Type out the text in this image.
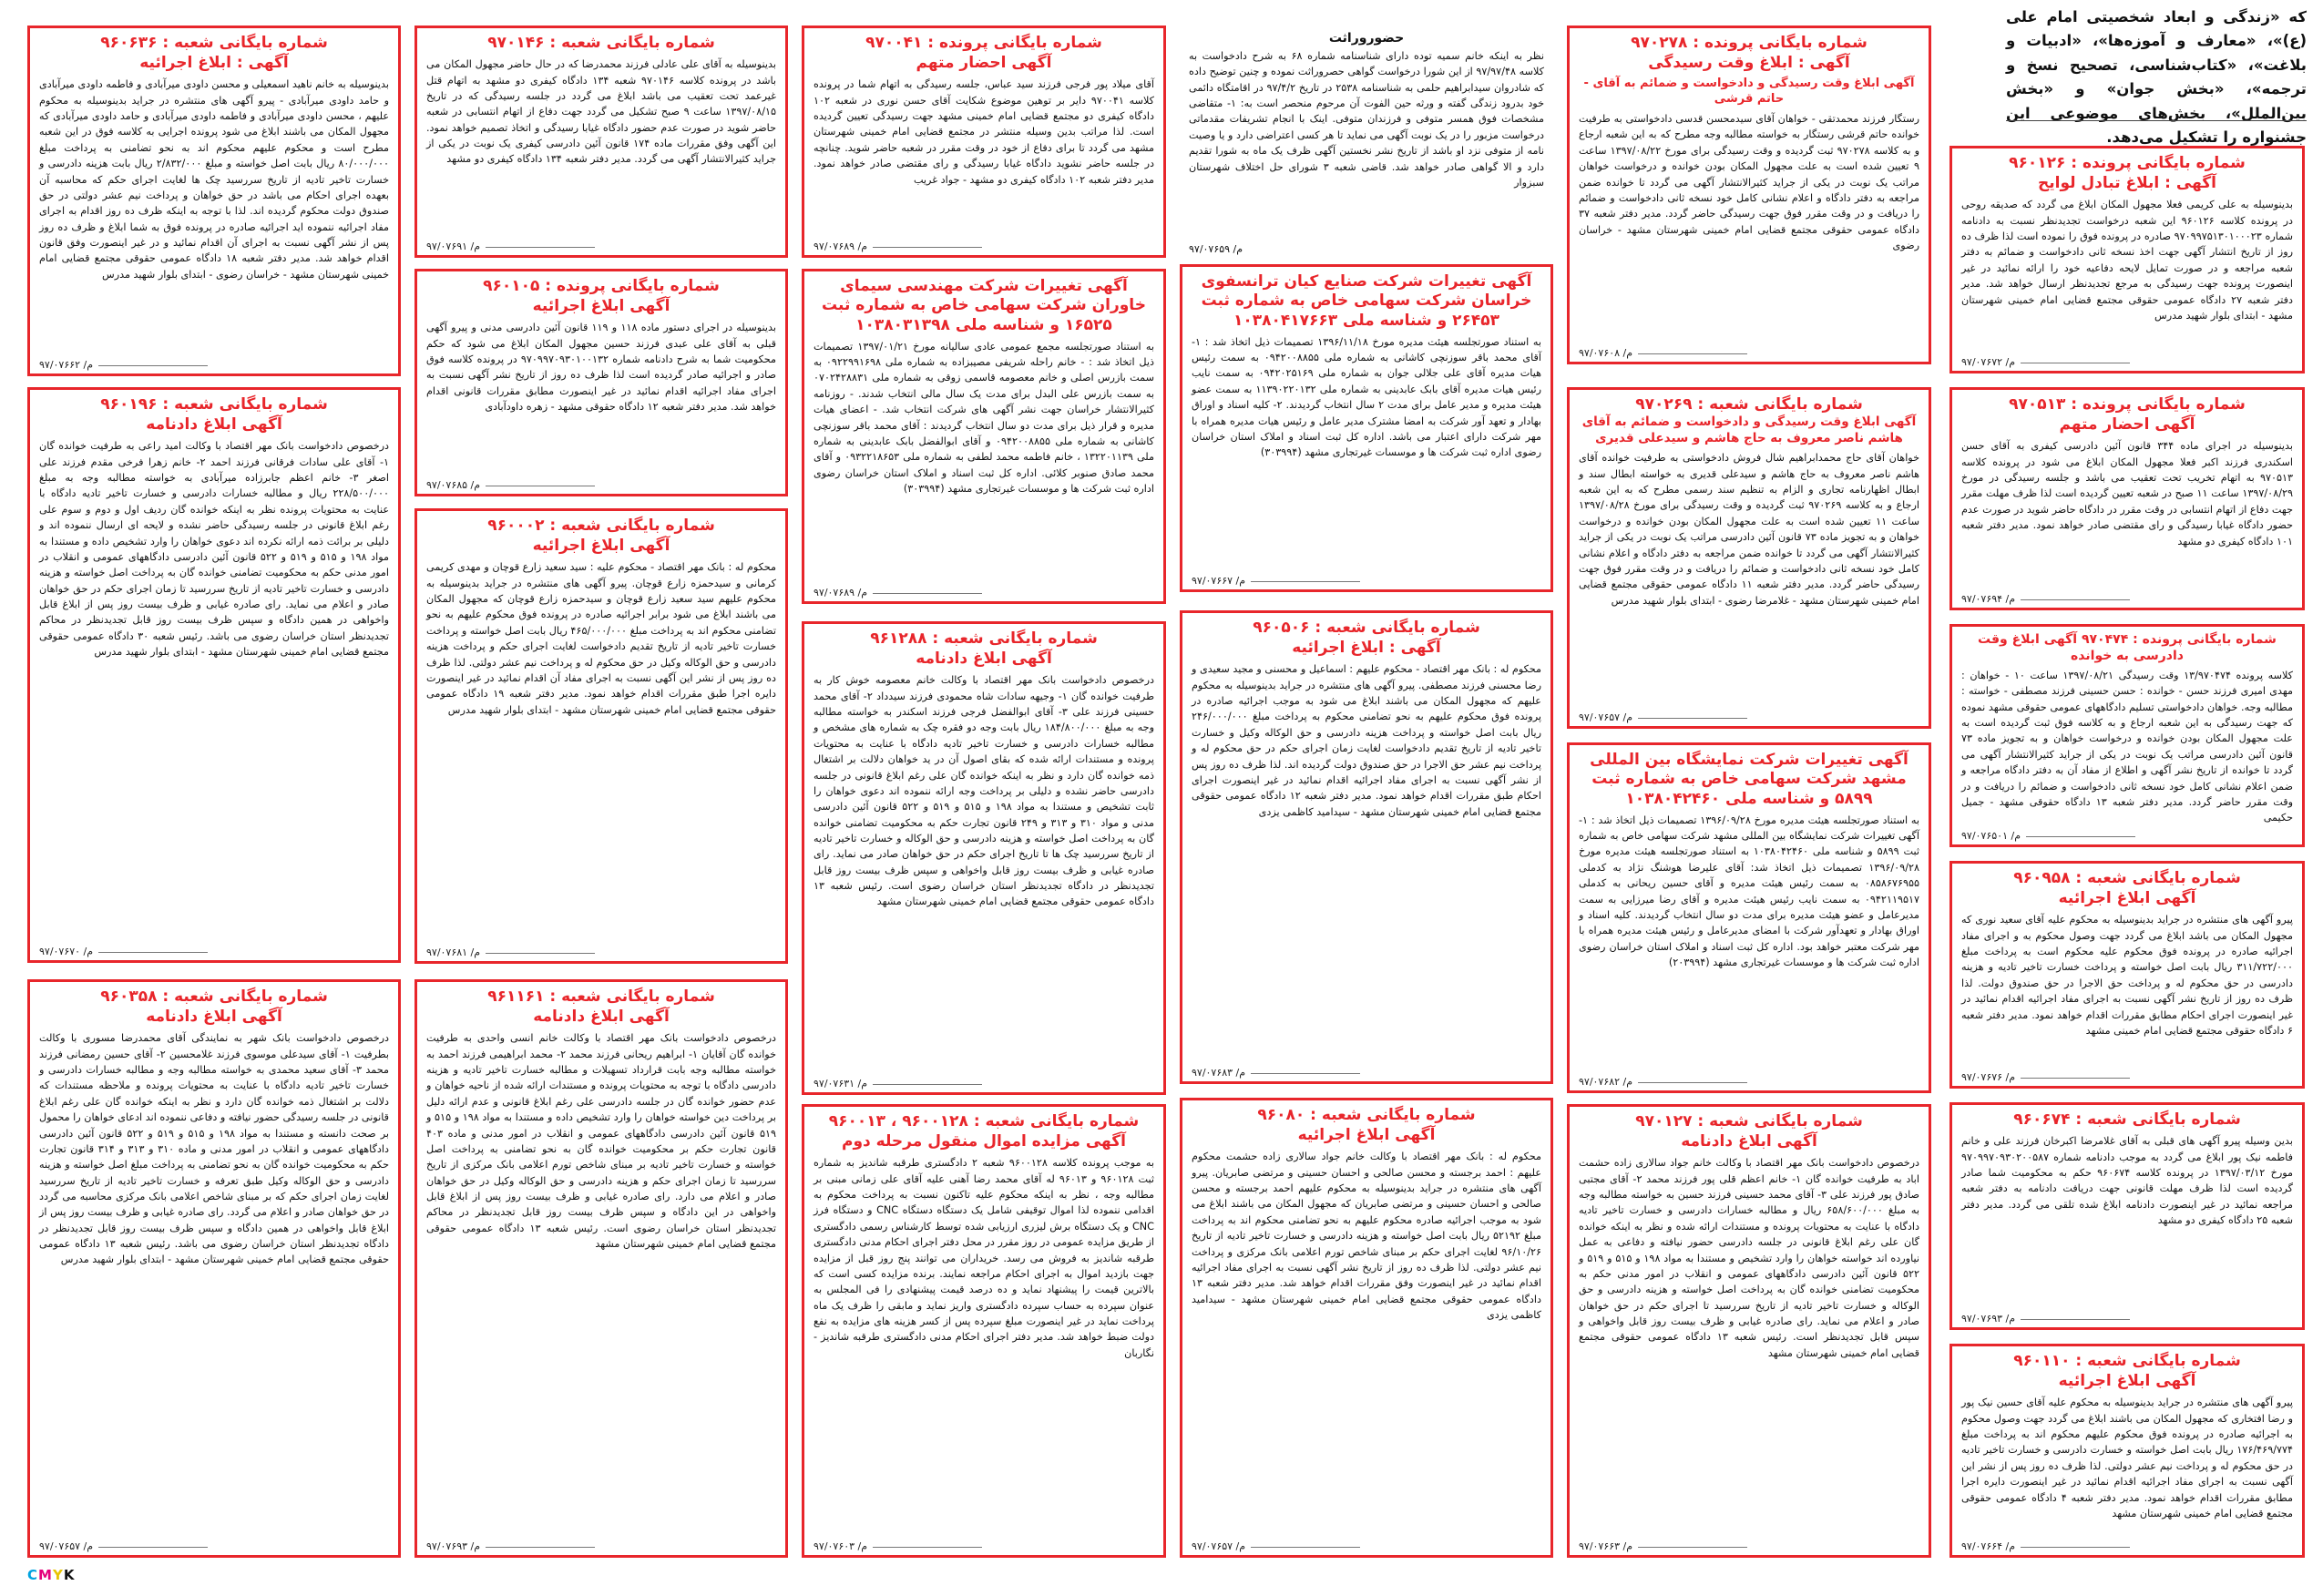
که «زندگی و ابعاد شخصیتی امام علی (ع)»، «معارف و آموزه‌ها»، «ادبیات و بلاغت»، «کتاب‌شناسی، تصحیح نسخ و ترجمه»، «بخش جوان» و «بخش بین‌الملل»، بخش‌های موضوعی این جشنواره را تشکیل می‌دهد.
شماره بایگانی شعبه : ۹۶۰۶۳۶
آگهی : ابلاغ اجرائیه
بدینوسیله به خانم ناهید اسمعیلی و محسن داودی میرآبادی و فاطمه داودی میرآبادی و حامد داودی میرآبادی - پیرو آگهی های منتشره در جراید بدینوسیله به محکوم علیهم ، محسن داودی میرآبادی و فاطمه داودی میرآبادی و حامد داودی میرآبادی که مجهول المکان می باشند ابلاغ می شود پرونده اجرایی به کلاسه فوق در این شعبه مطرح است و محکوم علیهم محکوم اند به نحو تضامنی به پرداخت مبلغ ۸۰/۰۰۰/۰۰۰ ریال بابت اصل خواسته و مبلغ ۲/۸۳۲/۰۰۰ ریال بابت هزینه دادرسی و خسارت تاخیر تادیه از تاریخ سررسید چک ها لغایت اجرای حکم که محاسبه آن بعهده اجرای احکام می باشد در حق خواهان و پرداخت نیم عشر دولتی در حق صندوق دولت محکوم گردیده اند. لذا با توجه به اینکه ظرف ده روز اقدام به اجرای مفاد اجرائیه ننموده اید اجرائیه صادره در پرونده فوق به شما ابلاغ و ظرف ده روز پس از نشر آگهی نسبت به اجرای آن اقدام نمائید و در غیر اینصورت وفق قانون اقدام خواهد شد. مدیر دفتر شعبه ۱۸ دادگاه عمومی حقوقی مجتمع قضایی امام خمینی شهرستان مشهد - خراسان رضوی - ابتدای بلوار شهید مدرس
۹۷/۰۷۶۶۲ /م
شماره بایگانی شعبه : ۹۶۰۱۹۶
آگهی ابلاغ دادنامه
درخصوص دادخواست بانک مهر اقتصاد با وکالت امید راعی به طرفیت خوانده گان ۱- آقای علی سادات فرقانی فرزند احمد ۲- خانم زهرا فرخی مقدم فرزند علی اصغر ۳- خانم اعظم جابرزاده میرآبادی به خواسته مطالبه وجه به مبلغ ۲۲۸/۵۰۰/۰۰۰ ریال و مطالبه خسارات دادرسی و خسارت تاخیر تادیه دادگاه با عنایت به محتویات پرونده نظر به اینکه خوانده گان ردیف اول و دوم و سوم علی رغم ابلاغ قانونی در جلسه رسیدگی حاضر نشده و لایحه ای ارسال ننموده اند و دلیلی بر برائت ذمه ارائه نکرده اند دعوی خواهان را وارد تشخیص داده و مستندا به مواد ۱۹۸ و ۵۱۵ و ۵۱۹ و ۵۲۲ قانون آئین دادرسی دادگاههای عمومی و انقلاب در امور مدنی حکم به محکومیت تضامنی خوانده گان به پرداخت اصل خواسته و هزینه دادرسی و خسارت تاخیر تادیه از تاریخ سررسید تا زمان اجرای حکم در حق خواهان صادر و اعلام می نماید. رای صادره غیابی و ظرف بیست روز پس از ابلاغ قابل واخواهی در همین دادگاه و سپس ظرف بیست روز قابل تجدیدنظر در محاکم تجدیدنظر استان خراسان رضوی می باشد. رئیس شعبه ۳۰ دادگاه عمومی حقوقی مجتمع قضایی امام خمینی شهرستان مشهد - ابتدای بلوار شهید مدرس
۹۷/۰۷۶۷۰ /م
شماره بایگانی شعبه : ۹۶۰۳۵۸
آگهی ابلاغ دادنامه
درخصوص دادخواست بانک شهر به نمایندگی آقای محمدرضا مسوری با وکالت بطرفیت ۱- آقای سیدعلی موسوی فرزند غلامحسین ۲- آقای حسین رمضانی فرزند محمد ۳- آقای سعید محمدی به خواسته مطالبه وجه و مطالبه خسارات دادرسی و خسارت تاخیر تادیه دادگاه با عنایت به محتویات پرونده و ملاحظه مستندات که دلالت بر اشتغال ذمه خوانده گان دارد و نظر به اینکه خوانده گان علی رغم ابلاغ قانونی در جلسه رسیدگی حضور نیافته و دفاعی ننموده اند ادعای خواهان را محمول بر صحت دانسته و مستندا به مواد ۱۹۸ و ۵۱۵ و ۵۱۹ و ۵۲۲ قانون آئین دادرسی دادگاههای عمومی و انقلاب در امور مدنی و ماده ۳۱۰ و ۳۱۳ و ۳۱۴ قانون تجارت حکم به محکومیت خوانده گان به نحو تضامنی به پرداخت مبلغ اصل خواسته و هزینه دادرسی و حق الوکاله وکیل طبق تعرفه و خسارت تاخیر تادیه از تاریخ سررسید لغایت زمان اجرای حکم که بر مبنای شاخص اعلامی بانک مرکزی محاسبه می گردد در حق خواهان صادر و اعلام می گردد. رای صادره غیابی و ظرف بیست روز پس از ابلاغ قابل واخواهی در همین دادگاه و سپس ظرف بیست روز قابل تجدیدنظر در دادگاه تجدیدنظر استان خراسان رضوی می باشد. رئیس شعبه ۱۳ دادگاه عمومی حقوقی مجتمع قضایی امام خمینی شهرستان مشهد - ابتدای بلوار شهید مدرس
۹۷/۰۷۶۵۷ /م
شماره بایگانی شعبه : ۹۷۰۱۴۶
بدینوسیله به آقای علی عادلی فرزند محمدرضا که در حال حاضر مجهول المکان می باشد در پرونده کلاسه ۹۷۰۱۴۶ شعبه ۱۳۴ دادگاه کیفری دو مشهد به اتهام قتل غیرعمد تحت تعقیب می باشد ابلاغ می گردد در جلسه رسیدگی که در تاریخ ۱۳۹۷/۰۸/۱۵ ساعت ۹ صبح تشکیل می گردد جهت دفاع از اتهام انتسابی در شعبه حاضر شوید در صورت عدم حضور دادگاه غیابا رسیدگی و اتخاذ تصمیم خواهد نمود. این آگهی وفق مقررات ماده ۱۷۴ قانون آئین دادرسی کیفری یک نوبت در یکی از جراید کثیرالانتشار آگهی می گردد. مدیر دفتر شعبه ۱۳۴ دادگاه کیفری دو مشهد
۹۷/۰۷۶۹۱ /م
شماره بایگانی پرونده : ۹۶۰۱۰۵
آگهی ابلاغ اجرائیه
بدینوسیله در اجرای دستور ماده ۱۱۸ و ۱۱۹ قانون آئین دادرسی مدنی و پیرو آگهی قبلی به آقای علی عبدی فرزند حسین مجهول المکان ابلاغ می شود که حکم محکومیت شما به شرح دادنامه شماره ۹۷۰۹۹۷۰۹۳۰۱۰۰۱۳۲ در پرونده کلاسه فوق صادر و اجرائیه صادر گردیده است لذا ظرف ده روز از تاریخ نشر آگهی نسبت به اجرای مفاد اجرائیه اقدام نمائید در غیر اینصورت مطابق مقررات قانونی اقدام خواهد شد. مدیر دفتر شعبه ۱۲ دادگاه حقوقی مشهد - زهره داودآبادی
۹۷/۰۷۶۸۵ /م
شماره بایگانی شعبه : ۹۶۰۰۰۲
آگهی ابلاغ اجرائیه
محکوم له : بانک مهر اقتصاد - محکوم علیه : سید سعید زارع قوچان و مهدی کریمی کرمانی و سیدحمزه زارع قوچان. پیرو آگهی های منتشره در جراید بدینوسیله به محکوم علیهم سید سعید زارع قوچان و سیدحمزه زارع قوچان که مجهول المکان می باشند ابلاغ می شود برابر اجرائیه صادره در پرونده فوق محکوم علیهم به نحو تضامنی محکوم اند به پرداخت مبلغ ۴۶۵/۰۰۰/۰۰۰ ریال بابت اصل خواسته و پرداخت خسارت تاخیر تادیه از تاریخ تقدیم دادخواست لغایت اجرای حکم و پرداخت هزینه دادرسی و حق الوکاله وکیل در حق محکوم له و پرداخت نیم عشر دولتی. لذا ظرف ده روز پس از نشر این آگهی نسبت به اجرای مفاد آن اقدام نمائید در غیر اینصورت دایره اجرا طبق مقررات اقدام خواهد نمود. مدیر دفتر شعبه ۱۹ دادگاه عمومی حقوقی مجتمع قضایی امام خمینی شهرستان مشهد - ابتدای بلوار شهید مدرس
۹۷/۰۷۶۸۱ /م
شماره بایگانی شعبه : ۹۶۱۱۶۱
آگهی ابلاغ دادنامه
درخصوص دادخواست بانک مهر اقتصاد با وکالت خانم انسی واحدی به طرفیت خوانده گان آقایان ۱- ابراهیم ریحانی فرزند محمد ۲- محمد ابراهیمی فرزند احمد به خواسته مطالبه وجه بابت قرارداد تسهیلات و مطالبه خسارت تاخیر تادیه و هزینه دادرسی دادگاه با توجه به محتویات پرونده و مستندات ارائه شده از ناحیه خواهان و عدم حضور خوانده گان در جلسه دادرسی علی رغم ابلاغ قانونی و عدم ارائه دلیل بر پرداخت دین خواسته خواهان را وارد تشخیص داده و مستندا به مواد ۱۹۸ و ۵۱۵ و ۵۱۹ قانون آئین دادرسی دادگاههای عمومی و انقلاب در امور مدنی و ماده ۴۰۳ قانون تجارت حکم بر محکومیت خوانده گان به نحو تضامنی به پرداخت اصل خواسته و خسارت تاخیر تادیه بر مبنای شاخص تورم اعلامی بانک مرکزی از تاریخ سررسید تا زمان اجرای حکم و هزینه دادرسی و حق الوکاله وکیل در حق خواهان صادر و اعلام می دارد. رای صادره غیابی و ظرف بیست روز پس از ابلاغ قابل واخواهی در این دادگاه و سپس ظرف بیست روز قابل تجدیدنظر در محاکم تجدیدنظر استان خراسان رضوی است. رئیس شعبه ۱۳ دادگاه عمومی حقوقی مجتمع قضایی امام خمینی شهرستان مشهد
۹۷/۰۷۶۹۳ /م
شماره بایگانی پرونده : ۹۷۰۰۴۱
آگهی احضار متهم
آقای میلاد پور فرجی فرزند سید عباس، جلسه رسیدگی به اتهام شما در پرونده کلاسه ۹۷۰۰۴۱ دایر بر توهین موضوع شکایت آقای حسن نوری در شعبه ۱۰۲ دادگاه کیفری دو مجتمع قضایی امام خمینی مشهد جهت رسیدگی تعیین گردیده است. لذا مراتب بدین وسیله منتشر در مجتمع قضایی امام خمینی شهرستان مشهد می گردد تا برای دفاع از خود در وقت مقرر در شعبه حاضر شوید. چنانچه در جلسه حاضر نشوید دادگاه غیابا رسیدگی و رای مقتضی صادر خواهد نمود. مدیر دفتر شعبه ۱۰۲ دادگاه کیفری دو مشهد - جواد غریب
۹۷/۰۷۶۸۹ /م
آگهی تغییرات شرکت مهندسی سیمای خاوران شرکت سهامی خاص به شماره ثبت ۱۶۵۲۵ و شناسه ملی ۱۰۳۸۰۳۱۳۹۸
به استناد صورتجلسه مجمع عمومی عادی سالیانه مورخ ۱۳۹۷/۰۱/۲۱ تصمیمات ذیل اتخاذ شد : - خانم راحله شریفی مصیبزاده به شماره ملی ۰۹۲۲۹۹۱۶۹۸ به سمت بازرس اصلی و خانم معصومه قاسمی زوقی به شماره ملی ۰۷۰۲۴۲۸۸۳۱ به سمت بازرس علی البدل برای مدت یک سال مالی انتخاب شدند. - روزنامه کثیرالانتشار خراسان جهت نشر آگهی های شرکت انتخاب شد. - اعضای هیات مدیره و قرار ذیل برای مدت دو سال انتخاب گردیدند : آقای محمد باقر سوزنچی کاشانی به شماره ملی ۰۹۴۲۰۰۸۸۵۵ و آقای ابوالفضل بابک عابدینی به شماره ملی ۱۳۲۲۰۱۱۳۹ ، خانم فاطمه محمد لطفی به شماره ملی ۰۹۳۲۲۱۸۶۵۳ و آقای محمد صادق صنوبر کلائی. اداره کل ثبت اسناد و املاک استان خراسان رضوی اداره ثبت شرکت ها و موسسات غیرتجاری مشهد (۳۰۳۹۹۴)
۹۷/۰۷۶۸۹ /م
شماره بایگانی شعبه : ۹۶۱۲۸۸
آگهی ابلاغ دادنامه
درخصوص دادخواست بانک مهر اقتصاد با وکالت خانم معصومه خوش کار به طرفیت خوانده گان ۱- وجیهه سادات شاه محمودی فرزند سیدداد ۲- آقای محمد حسینی فرزند علی ۳- آقای ابوالفضل فرجی فرزند اسکندر به خواسته مطالبه وجه به مبلغ ۱۸۴/۸۰۰/۰۰۰ ریال بابت وجه دو فقره چک به شماره های مشخص و مطالبه خسارات دادرسی و خسارت تاخیر تادیه دادگاه با عنایت به محتویات پرونده و مستندات ارائه شده که بقای اصول آن در ید خواهان دلالت بر اشتغال ذمه خوانده گان دارد و نظر به اینکه خوانده گان علی رغم ابلاغ قانونی در جلسه دادرسی حاضر نشده و دلیلی بر پرداخت وجه ارائه ننموده اند دعوی خواهان را ثابت تشخیص و مستندا به مواد ۱۹۸ و ۵۱۵ و ۵۱۹ و ۵۲۲ قانون آئین دادرسی مدنی و مواد ۳۱۰ و ۳۱۳ و ۲۴۹ قانون تجارت حکم به محکومیت تضامنی خوانده گان به پرداخت اصل خواسته و هزینه دادرسی و حق الوکاله و خسارت تاخیر تادیه از تاریخ سررسید چک ها تا تاریخ اجرای حکم در حق خواهان صادر می نماید. رای صادره غیابی و ظرف بیست روز قابل واخواهی و سپس ظرف بیست روز قابل تجدیدنظر در دادگاه تجدیدنظر استان خراسان رضوی است. رئیس شعبه ۱۳ دادگاه عمومی حقوقی مجتمع قضایی امام خمینی شهرستان مشهد
۹۷/۰۷۶۳۱ /م
شماره بایگانی شعبه : ۹۶۰۰۱۲۸ ، ۹۶۰۰۱۳
آگهی مزایده اموال منقول مرحله دوم
به موجب پرونده کلاسه ۹۶۰۰۱۲۸ شعبه ۲ دادگستری طرقبه شاندیز به شماره ثبت ۹۶۰۱۲۸ و ۹۶۰۱۳ له آقای محمد رضا آهنی علیه آقای علی زمانی مبنی بر مطالبه وجه ، نظر به اینکه محکوم علیه تاکنون نسبت به پرداخت محکوم به اقدامی ننموده لذا اموال توقیفی شامل یک دستگاه دستگاه CNC و دستگاه فرز CNC و یک دستگاه برش لیزری ارزیابی شده توسط کارشناس رسمی دادگستری از طریق مزایده عمومی در روز مقرر در محل دفتر اجرای احکام مدنی دادگستری طرقبه شاندیز به فروش می رسد. خریداران می توانند پنج روز قبل از مزایده جهت بازدید اموال به اجرای احکام مراجعه نمایند. برنده مزایده کسی است که بالاترین قیمت را پیشنهاد نماید و ده درصد قیمت پیشنهادی را فی المجلس به عنوان سپرده به حساب سپرده دادگستری واریز نماید و مابقی را ظرف یک ماه پرداخت نماید در غیر اینصورت مبلغ سپرده پس از کسر هزینه های مزایده به نفع دولت ضبط خواهد شد. مدیر دفتر اجرای احکام مدنی دادگستری طرقبه شاندیز - نگاربان
۹۷/۰۷۶۰۳ /م
حضوروراثت
نظر به اینکه خانم سمیه توده دارای شناسنامه شماره ۶۸ به شرح دادخواست به کلاسه ۹۷/۹۷/۴۸ از این شورا درخواست گواهی حصروراثت نموده و چنین توضیح داده که شادروان سیدابراهیم حلمی به شناسنامه ۲۵۳۸ در تاریخ ۹۷/۴/۲ در اقامتگاه دائمی خود بدرود زندگی گفته و ورثه حین الفوت آن مرحوم منحصر است به: ۱- متقاضی مشخصات فوق همسر متوفی و فرزندان متوفی. اینک با انجام تشریفات مقدماتی درخواست مزبور را در یک نوبت آگهی می نماید تا هر کسی اعتراضی دارد و یا وصیت نامه از متوفی نزد او باشد از تاریخ نشر نخستین آگهی ظرف یک ماه به شورا تقدیم دارد و الا گواهی صادر خواهد شد. قاضی شعبه ۳ شورای حل اختلاف شهرستان سبزوار
۹۷/۰۷۶۵۹ /م
آگهی تغییرات شرکت صنایع کیان ترانسفوی خراسان شرکت سهامی خاص به شماره ثبت ۲۶۴۵۳ و شناسه ملی ۱۰۳۸۰۴۱۷۶۶۳
به استناد صورتجلسه هیئت مدیره مورخ ۱۳۹۶/۱۱/۱۸ تصمیمات ذیل اتخاذ شد : ۱- آقای محمد باقر سوزنچی کاشانی به شماره ملی ۰۹۴۲۰۰۸۸۵۵ به سمت رئیس هیات مدیره آقای علی جلالی جوان به شماره ملی ۰۹۴۲۰۲۵۱۶۹ به سمت نایب رئیس هیات مدیره آقای بابک عابدینی به شماره ملی ۱۱۳۹۰۲۲۰۱۳۲ به سمت عضو هیئت مدیره و مدیر عامل برای مدت ۲ سال انتخاب گردیدند. ۲- کلیه اسناد و اوراق بهادار و تعهد آور شرکت به امضا مشترک مدیر عامل و رئیس هیات مدیره همراه با مهر شرکت دارای اعتبار می باشد. اداره کل ثبت اسناد و املاک استان خراسان رضوی اداره ثبت شرکت ها و موسسات غیرتجاری مشهد (۳۰۳۹۹۴)
۹۷/۰۷۶۶۷ /م
شماره بایگانی شعبه : ۹۶۰۵۰۶
آگهی : ابلاغ اجرائیه
محکوم له : بانک مهر اقتصاد - محکوم علیهم : اسماعیل و محسنی و مجید سعیدی و رضا محسنی فرزند مصطفی. پیرو آگهی های منتشره در جراید بدینوسیله به محکوم علیهم که مجهول المکان می باشند ابلاغ می شود به موجب اجرائیه صادره در پرونده فوق محکوم علیهم به نحو تضامنی محکوم به پرداخت مبلغ ۲۴۶/۰۰۰/۰۰۰ ریال بابت اصل خواسته و پرداخت هزینه دادرسی و حق الوکاله وکیل و خسارت تاخیر تادیه از تاریخ تقدیم دادخواست لغایت زمان اجرای حکم در حق محکوم له و پرداخت نیم عشر حق الاجرا در حق صندوق دولت گردیده اند. لذا ظرف ده روز پس از نشر آگهی نسبت به اجرای مفاد اجرائیه اقدام نمائید در غیر اینصورت اجرای احکام طبق مقررات اقدام خواهد نمود. مدیر دفتر شعبه ۱۲ دادگاه عمومی حقوقی مجتمع قضایی امام خمینی شهرستان مشهد - سیدامید کاظمی یزدی
۹۷/۰۷۶۸۳ /م
شماره بایگانی شعبه : ۹۶۰۸۰
آگهی ابلاغ اجرائیه
محکوم له : بانک مهر اقتصاد با وکالت خانم جواد سالاری زاده حشمت محکوم علیهم : احمد برجسته و محسن صالحی و احسان حسینی و مرتضی صابریان. پیرو آگهی های منتشره در جراید بدینوسیله به محکوم علیهم احمد برجسته و محسن صالحی و احسان حسینی و مرتضی صابریان که مجهول المکان می باشند ابلاغ می شود به موجب اجرائیه صادره محکوم علیهم به نحو تضامنی محکوم اند به پرداخت مبلغ ۵۲۱۹۲ ریال بابت اصل خواسته و هزینه دادرسی و خسارت تاخیر تادیه از تاریخ ۹۶/۱۰/۲۶ لغایت اجرای حکم بر مبنای شاخص تورم اعلامی بانک مرکزی و پرداخت نیم عشر دولتی. لذا ظرف ده روز از تاریخ نشر آگهی نسبت به اجرای مفاد اجرائیه اقدام نمائید در غیر اینصورت وفق مقررات اقدام خواهد شد. مدیر دفتر شعبه ۱۳ دادگاه عمومی حقوقی مجتمع قضایی امام خمینی شهرستان مشهد - سیدامید کاظمی یزدی
۹۷/۰۷۶۵۷ /م
شماره بایگانی پرونده : ۹۷۰۲۷۸
آگهی : ابلاغ وقت رسیدگی
آگهی ابلاغ وقت رسیدگی و دادخواست و ضمائم به آقای - حاتم قرشی
رستگار فرزند محمدتقی - خواهان آقای سیدمحسن قدسی دادخواستی به طرفیت خوانده حاتم قرشی رستگار به خواسته مطالبه وجه مطرح که به این شعبه ارجاع و به کلاسه ۹۷۰۲۷۸ ثبت گردیده و وقت رسیدگی برای مورخ ۱۳۹۷/۰۸/۲۲ ساعت ۹ تعیین شده است به علت مجهول المکان بودن خوانده و درخواست خواهان مراتب یک نوبت در یکی از جراید کثیرالانتشار آگهی می گردد تا خوانده ضمن مراجعه به دفتر دادگاه و اعلام نشانی کامل خود نسخه ثانی دادخواست و ضمائم را دریافت و در وقت مقرر فوق جهت رسیدگی حاضر گردد. مدیر دفتر شعبه ۳۷ دادگاه عمومی حقوقی مجتمع قضایی امام خمینی شهرستان مشهد - خراسان رضوی
۹۷/۰۷۶۰۸ /م
شماره بایگانی شعبه : ۹۷۰۲۶۹
آگهی ابلاغ وقت رسیدگی و دادخواست و ضمائم به آقای هاشم ناصر معروف به حاج هاشم و سیدعلی قدیری
خواهان آقای حاج محمدابراهیم شال فروش دادخواستی به طرفیت خوانده آقای هاشم ناصر معروف به حاج هاشم و سیدعلی قدیری به خواسته ابطال سند و ابطال اظهارنامه تجاری و الزام به تنظیم سند رسمی مطرح که به این شعبه ارجاع و به کلاسه ۹۷۰۲۶۹ ثبت گردیده و وقت رسیدگی برای مورخ ۱۳۹۷/۰۸/۲۸ ساعت ۱۱ تعیین شده است به علت مجهول المکان بودن خوانده و درخواست خواهان و به تجویز ماده ۷۳ قانون آئین دادرسی مراتب یک نوبت در یکی از جراید کثیرالانتشار آگهی می گردد تا خوانده ضمن مراجعه به دفتر دادگاه و اعلام نشانی کامل خود نسخه ثانی دادخواست و ضمائم را دریافت و در وقت مقرر فوق جهت رسیدگی حاضر گردد. مدیر دفتر شعبه ۱۱ دادگاه عمومی حقوقی مجتمع قضایی امام خمینی شهرستان مشهد - غلامرضا رضوی - ابتدای بلوار شهید مدرس
۹۷/۰۷۶۵۷ /م
آگهی تغییرات شرکت نمایشگاه بین المللی مشهد شرکت سهامی خاص به شماره ثبت ۵۸۹۹ و شناسه ملی ۱۰۳۸۰۴۲۴۶۰
به استناد صورتجلسه هیئت مدیره مورخ ۱۳۹۶/۰۹/۲۸ تصمیمات ذیل اتخاذ شد : ۱- آگهی تغییرات شرکت نمایشگاه بین المللی مشهد شرکت سهامی خاص به شماره ثبت ۵۸۹۹ و شناسه ملی ۱۰۳۸۰۴۲۴۶۰ به استناد صورتجلسه هیئت مدیره مورخ ۱۳۹۶/۰۹/۲۸ تصمیمات ذیل اتخاذ شد: آقای علیرضا هوشنگ نژاد به کدملی ۰۸۵۸۶۷۶۹۵۵ به سمت رئیس هیئت مدیره و آقای حسین ریحانی به کدملی ۰۹۴۲۱۱۹۵۱۷ به سمت نایب رئیس هیئت مدیره و آقای رضا میرزایی به سمت مدیرعامل و عضو هیئت مدیره برای مدت دو سال انتخاب گردیدند. کلیه اسناد و اوراق بهادار و تعهدآور شرکت با امضای مدیرعامل و رئیس هیئت مدیره همراه با مهر شرکت معتبر خواهد بود. اداره کل ثبت اسناد و املاک استان خراسان رضوی اداره ثبت شرکت ها و موسسات غیرتجاری مشهد (۲۰۳۹۹۴)
۹۷/۰۷۶۸۲ /م
شماره بایگانی شعبه : ۹۷۰۱۲۷
آگهی ابلاغ دادنامه
درخصوص دادخواست بانک مهر اقتصاد با وکالت خانم جواد سالاری زاده حشمت اباد به طرفیت خوانده گان ۱- خانم اعظم قلی پور فرزند محمد ۲- آقای مجتبی صادق پور فرزند علی ۳- آقای محمد حسینی فرزند حسین به خواسته مطالبه وجه به مبلغ ۶۵۸/۶۰۰/۰۰۰ ریال و مطالبه خسارات دادرسی و خسارت تاخیر تادیه دادگاه با عنایت به محتویات پرونده و مستندات ارائه شده و نظر به اینکه خوانده گان علی رغم ابلاغ قانونی در جلسه دادرسی حضور نیافته و دفاعی به عمل نیاورده اند خواسته خواهان را وارد تشخیص و مستندا به مواد ۱۹۸ و ۵۱۵ و ۵۱۹ و ۵۲۲ قانون آئین دادرسی دادگاههای عمومی و انقلاب در امور مدنی حکم به محکومیت تضامنی خوانده گان به پرداخت اصل خواسته و هزینه دادرسی و حق الوکاله و خسارت تاخیر تادیه از تاریخ سررسید تا اجرای حکم در حق خواهان صادر و اعلام می نماید. رای صادره غیابی و ظرف بیست روز قابل واخواهی و سپس قابل تجدیدنظر است. رئیس شعبه ۱۳ دادگاه عمومی حقوقی مجتمع قضایی امام خمینی شهرستان مشهد
۹۷/۰۷۶۶۳ /م
شماره بایگانی پرونده : ۹۶۰۱۲۶
آگهی : ابلاغ تبادل لوایح
بدینوسیله به علی کریمی فعلا مجهول المکان ابلاغ می گردد که صدیقه روحی در پرونده کلاسه ۹۶۰۱۲۶ این شعبه درخواست تجدیدنظر نسبت به دادنامه شماره ۹۷۰۹۹۷۵۱۳۰۱۰۰۰۲۳ صادره در پرونده فوق را نموده است لذا ظرف ده روز از تاریخ انتشار آگهی جهت اخذ نسخه ثانی دادخواست و ضمائم به دفتر شعبه مراجعه و در صورت تمایل لایحه دفاعیه خود را ارائه نمائید در غیر اینصورت پرونده جهت رسیدگی به مرجع تجدیدنظر ارسال خواهد شد. مدیر دفتر شعبه ۲۷ دادگاه عمومی حقوقی مجتمع قضایی امام خمینی شهرستان مشهد - ابتدای بلوار شهید مدرس
۹۷/۰۷۶۷۲ /م
شماره بایگانی پرونده : ۹۷۰۵۱۳
آگهی احضار متهم
بدینوسیله در اجرای ماده ۳۴۴ قانون آئین دادرسی کیفری به آقای حسن اسکندری فرزند اکبر فعلا مجهول المکان ابلاغ می شود در پرونده کلاسه ۹۷۰۵۱۳ به اتهام تخریب تحت تعقیب می باشد و جلسه رسیدگی در مورخ ۱۳۹۷/۰۸/۲۹ ساعت ۱۱ صبح در شعبه تعیین گردیده است لذا ظرف مهلت مقرر جهت دفاع از اتهام انتسابی در وقت مقرر در دادگاه حاضر شوید در صورت عدم حضور دادگاه غیابا رسیدگی و رای مقتضی صادر خواهد نمود. مدیر دفتر شعبه ۱۰۱ دادگاه کیفری دو مشهد
۹۷/۰۷۶۹۴ /م
شماره بایگانی پرونده : ۹۷۰۴۷۴ آگهی ابلاغ وقت دادرسی به خوانده
کلاسه پرونده ۱۳/۹۷۰۴۷۴ وقت رسیدگی ۱۳۹۷/۰۸/۲۱ ساعت ۱۰ - خواهان : مهدی امیری فرزند حسن - خوانده : حسن حسینی فرزند مصطفی - خواسته : مطالبه وجه. خواهان دادخواستی تسلیم دادگاههای عمومی حقوقی مشهد نموده که جهت رسیدگی به این شعبه ارجاع و به کلاسه فوق ثبت گردیده است به علت مجهول المکان بودن خوانده و درخواست خواهان و به تجویز ماده ۷۳ قانون آئین دادرسی مراتب یک نوبت در یکی از جراید کثیرالانتشار آگهی می گردد تا خوانده از تاریخ نشر آگهی و اطلاع از مفاد آن به دفتر دادگاه مراجعه و ضمن اعلام نشانی کامل خود نسخه ثانی دادخواست و ضمائم را دریافت و در وقت مقرر حاضر گردد. مدیر دفتر شعبه ۱۳ دادگاه حقوقی مشهد - جمیل حکیمی
۹۷/۰۷۶۵۰۱ /م
شماره بایگانی شعبه : ۹۶۰۹۵۸
آگهی ابلاغ اجرائیه
پیرو آگهی های منتشره در جراید بدینوسیله به محکوم علیه آقای سعید نوری که مجهول المکان می باشد ابلاغ می گردد جهت وصول محکوم به و اجرای مفاد اجرائیه صادره در پرونده فوق محکوم علیه محکوم است به پرداخت مبلغ ۳۱۱/۷۲۲/۰۰۰ ریال بابت اصل خواسته و پرداخت خسارت تاخیر تادیه و هزینه دادرسی در حق محکوم له و پرداخت حق الاجرا در حق صندوق دولت. لذا ظرف ده روز از تاریخ نشر آگهی نسبت به اجرای مفاد اجرائیه اقدام نمائید در غیر اینصورت اجرای احکام مطابق مقررات اقدام خواهد نمود. مدیر دفتر شعبه ۶ دادگاه حقوقی مجتمع قضایی امام خمینی مشهد
۹۷/۰۷۶۷۶ /م
شماره بایگانی شعبه : ۹۶۰۶۷۴
بدین وسیله پیرو آگهی های قبلی به آقای غلامرضا اکبرخان فرزند علی و خانم فاطمه نیک پور ابلاغ می گردد به موجب دادنامه شماره ۹۷۰۹۹۷۰۹۳۰۲۰۰۵۸۷ مورخ ۱۳۹۷/۰۳/۱۲ در پرونده کلاسه ۹۶۰۶۷۴ حکم به محکومیت شما صادر گردیده است لذا ظرف مهلت قانونی جهت دریافت دادنامه به دفتر شعبه مراجعه نمائید در غیر اینصورت دادنامه ابلاغ شده تلقی می گردد. مدیر دفتر شعبه ۲۵ دادگاه کیفری دو مشهد
۹۷/۰۷۶۹۳ /م
شماره بایگانی شعبه : ۹۶۰۱۱۰
آگهی ابلاغ اجرائیه
پیرو آگهی های منتشره در جراید بدینوسیله به محکوم علیه آقای حسین نیک پور و رضا افتخاری که مجهول المکان می باشند ابلاغ می گردد جهت وصول محکوم به اجرائیه صادره در پرونده فوق محکوم علیهم محکوم اند به پرداخت مبلغ ۱۷۶/۴۶۹/۷۷۴ ریال بابت اصل خواسته و خسارت دادرسی و خسارت تاخیر تادیه در حق محکوم له و پرداخت نیم عشر دولتی. لذا ظرف ده روز پس از نشر این آگهی نسبت به اجرای مفاد اجرائیه اقدام نمائید در غیر اینصورت دایره اجرا مطابق مقررات اقدام خواهد نمود. مدیر دفتر شعبه ۴ دادگاه عمومی حقوقی مجتمع قضایی امام خمینی شهرستان مشهد
۹۷/۰۷۶۶۴ /م
CMYK
